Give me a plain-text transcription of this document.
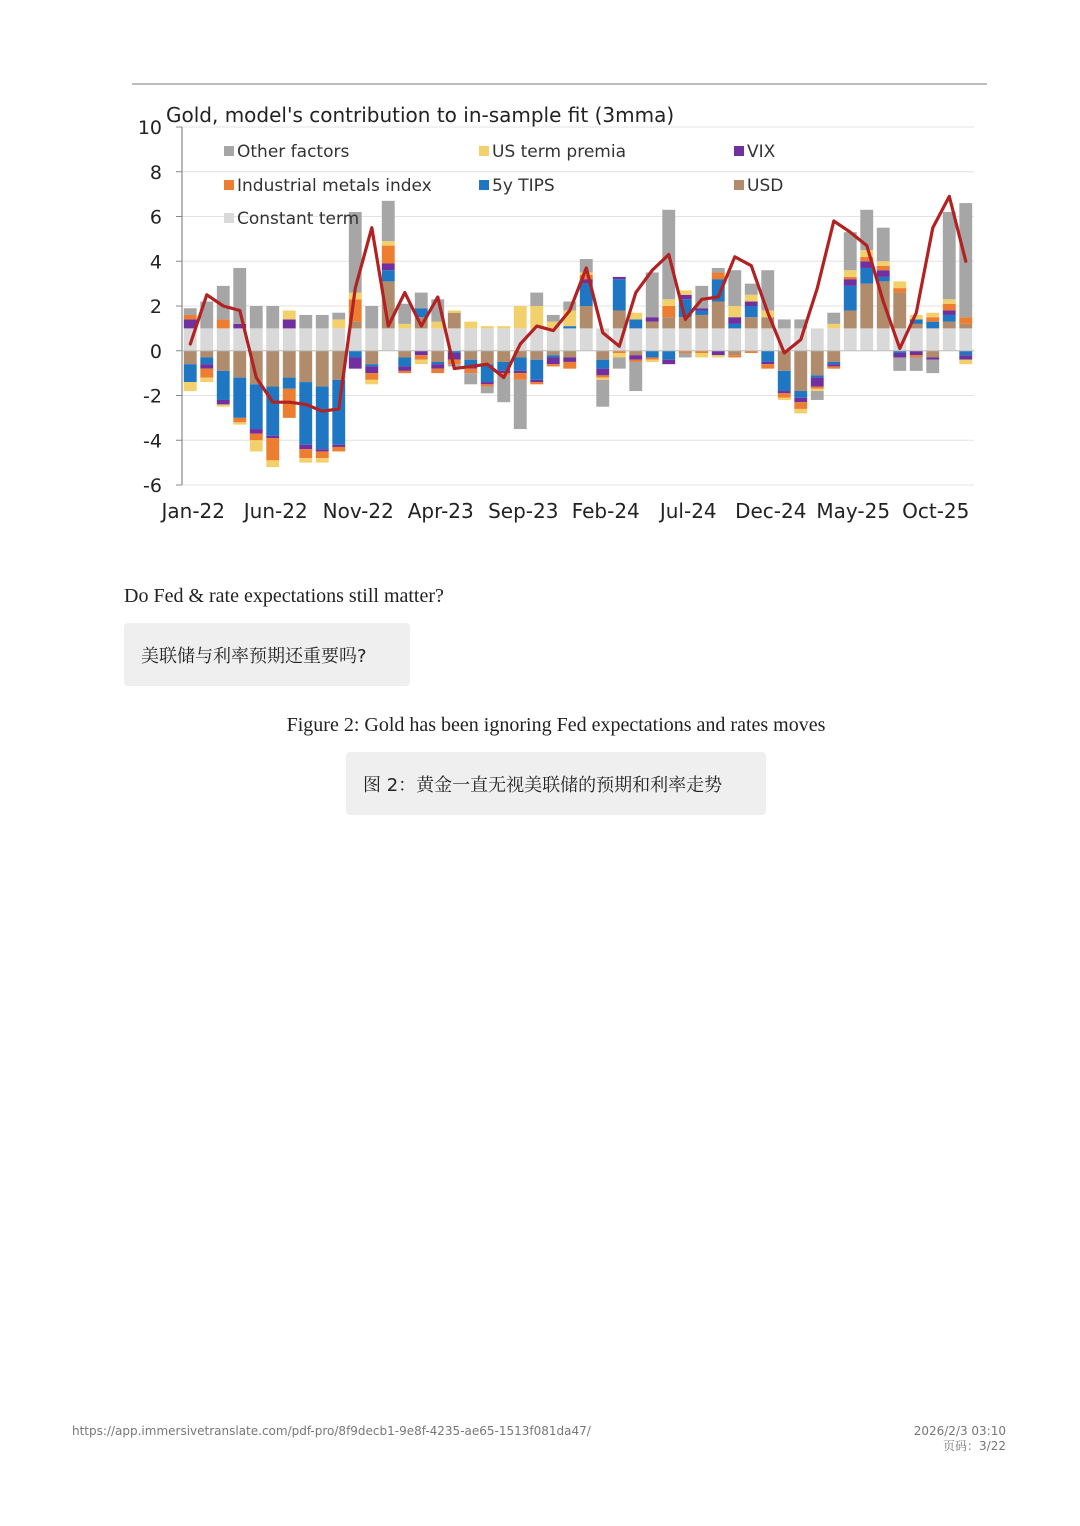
10
8
6
4
2
0
-2
-4
-6
Jan-22 Jun-22 Nov-22 Apr-23 Sep-23 Feb-24 Jul-24 Dec-24 May-25 Oct-25
Gold, model's contribution to in-sample fit (3mma)
Other factors	US term premia	VIX
Industrial metals index	5y TIPS	USD
Constant term
Do Fed & rate expectations still matter?
美联储与利率预期还重要吗?
Figure 2: Gold has been ignoring Fed expectations and rates moves
图 2：黄金一直无视美联储的预期和利率走势
https://app.immersivetranslate.com/pdf-pro/8f9decb1-9e8f-4235-ae65-1513f081da47/	2026/2/3 03:10
页码：3/22
